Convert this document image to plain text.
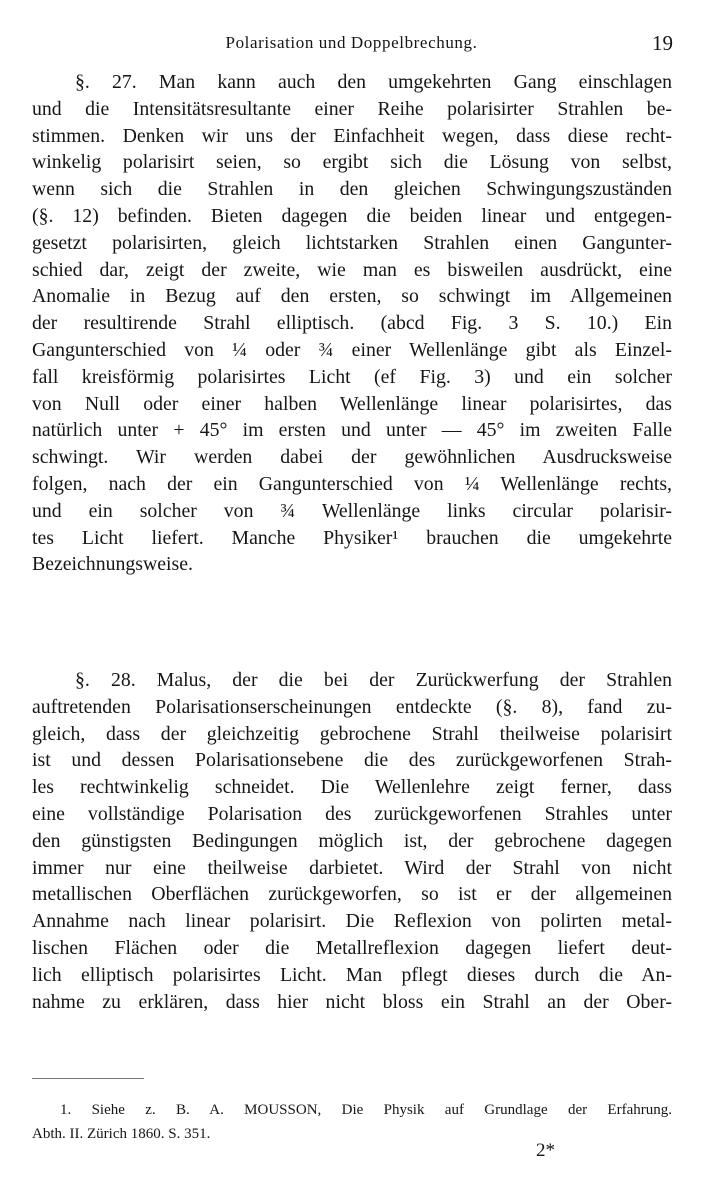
Polarisation und Doppelbrechung.	19
§. 27. Man kann auch den umgekehrten Gang einschlagen
und die Intensitätsresultante einer Reihe polarisirter Strahlen be-
stimmen. Denken wir uns der Einfachheit wegen, dass diese recht-
winkelig polarisirt seien, so ergibt sich die Lösung von selbst,
wenn sich die Strahlen in den gleichen Schwingungszuständen
(§. 12) befinden. Bieten dagegen die beiden linear und entgegen-
gesetzt polarisirten, gleich lichtstarken Strahlen einen Gangunter-
schied dar, zeigt der zweite, wie man es bisweilen ausdrückt, eine
Anomalie in Bezug auf den ersten, so schwingt im Allgemeinen
der resultirende Strahl elliptisch. (abcd Fig. 3 S. 10.) Ein
Gangunterschied von ¼ oder ¾ einer Wellenlänge gibt als Einzel-
fall kreisförmig polarisirtes Licht (ef Fig. 3) und ein solcher
von Null oder einer halben Wellenlänge linear polarisirtes, das
natürlich unter + 45° im ersten und unter — 45° im zweiten Falle
schwingt. Wir werden dabei der gewöhnlichen Ausdrucksweise
folgen, nach der ein Gangunterschied von ¼ Wellenlänge rechts,
und ein solcher von ¾ Wellenlänge links circular polarisir-
tes Licht liefert. Manche Physiker¹ brauchen die umgekehrte
Bezeichnungsweise.
§. 28. Malus, der die bei der Zurückwerfung der Strahlen
auftretenden Polarisationserscheinungen entdeckte (§. 8), fand zu-
gleich, dass der gleichzeitig gebrochene Strahl theilweise polarisirt
ist und dessen Polarisationsebene die des zurückgeworfenen Strah-
les rechtwinkelig schneidet. Die Wellenlehre zeigt ferner, dass
eine vollständige Polarisation des zurückgeworfenen Strahles unter
den günstigsten Bedingungen möglich ist, der gebrochene dagegen
immer nur eine theilweise darbietet. Wird der Strahl von nicht
metallischen Oberflächen zurückgeworfen, so ist er der allgemeinen
Annahme nach linear polarisirt. Die Reflexion von polirten metal-
lischen Flächen oder die Metallreflexion dagegen liefert deut-
lich elliptisch polarisirtes Licht. Man pflegt dieses durch die An-
nahme zu erklären, dass hier nicht bloss ein Strahl an der Ober-
1. Siehe z. B. A. MOUSSON, Die Physik auf Grundlage der Erfahrung.
Abth. II. Zürich 1860. S. 351.
2*
